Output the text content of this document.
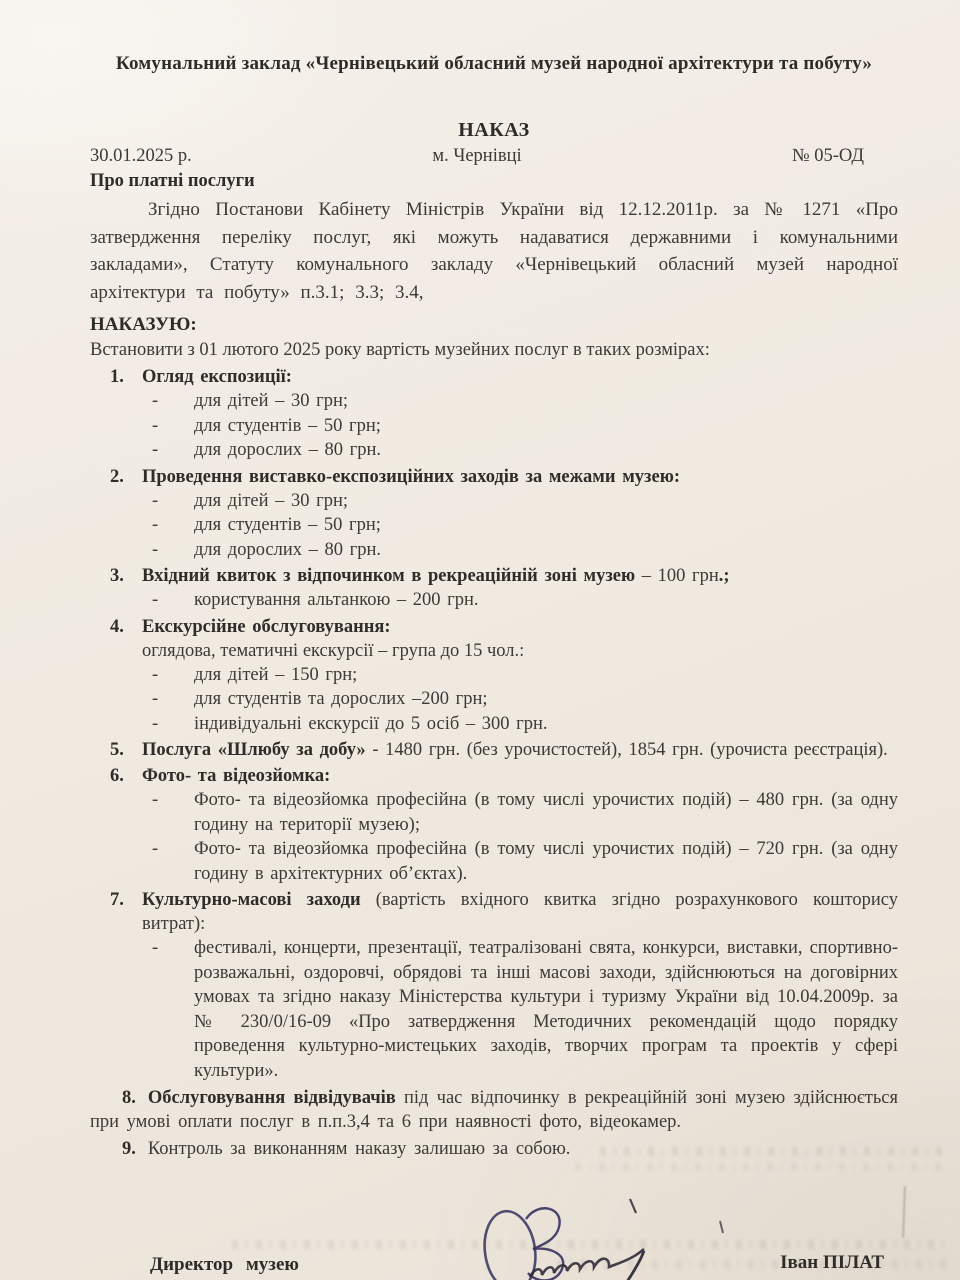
Комунальний заклад «Чернівецький обласний музей народної архітектури та побуту»
НАКАЗ
30.01.2025 р.	м. Чернівці	№ 05-ОД
Про платні послуги

Згідно Постанови Кабінету Міністрів України від 12.12.2011р. за № 1271 «Про затвердження переліку послуг, які можуть надаватися державними і комунальними закладами», Статуту комунального закладу «Чернівецький обласний музей народної архітектури та побуту» п.3.1; 3.3; 3.4,

НАКАЗУЮ:
Встановити з 01 лютого 2025 року вартість музейних послуг в таких розмірах:
1. Огляд експозиції:
-	для дітей – 30 грн;
-	для студентів – 50 грн;
-	для дорослих – 80 грн.
2. Проведення виставко-експозиційних заходів за межами музею:
-	для дітей – 30 грн;
-	для студентів – 50 грн;
-	для дорослих – 80 грн.
3. Вхідний квиток з відпочинком в рекреаційній зоні музею – 100 грн.;
-	користування альтанкою – 200 грн.
4. Екскурсійне обслуговування:
оглядова, тематичні екскурсії – група до 15 чол.:
-	для дітей – 150 грн;
-	для студентів та дорослих –200 грн;
-	індивідуальні екскурсії до 5 осіб – 300 грн.
5. Послуга «Шлюбу за добу» - 1480 грн. (без урочистостей), 1854 грн. (урочиста реєстрація).
6. Фото- та відеозйомка:
-	Фото- та відеозйомка професійна (в тому числі урочистих подій) – 480 грн. (за одну годину на території музею);
-	Фото- та відеозйомка професійна (в тому числі урочистих подій) – 720 грн. (за одну годину в архітектурних об’єктах).
7. Культурно-масові заходи (вартість вхідного квитка згідно розрахункового кошторису витрат):
-	фестивалі, концерти, презентації, театралізовані свята, конкурси, виставки, спортивно-розважальні, оздоровчі, обрядові та інші масові заходи, здійснюються на договірних умовах та згідно наказу Міністерства культури і туризму України від 10.04.2009р. за № 230/0/16-09 «Про затвердження Методичних рекомендацій щодо порядку проведення культурно-мистецьких заходів, творчих програм та проектів у сфері культури».
8. Обслуговування відвідувачів під час відпочинку в рекреаційній зоні музею здійснюється при умові оплати послуг в п.п.3,4 та 6 при наявності фото, відеокамер.
9. Контроль за виконанням наказу залишаю за собою.
Директор музею	Іван ПІЛАТ
